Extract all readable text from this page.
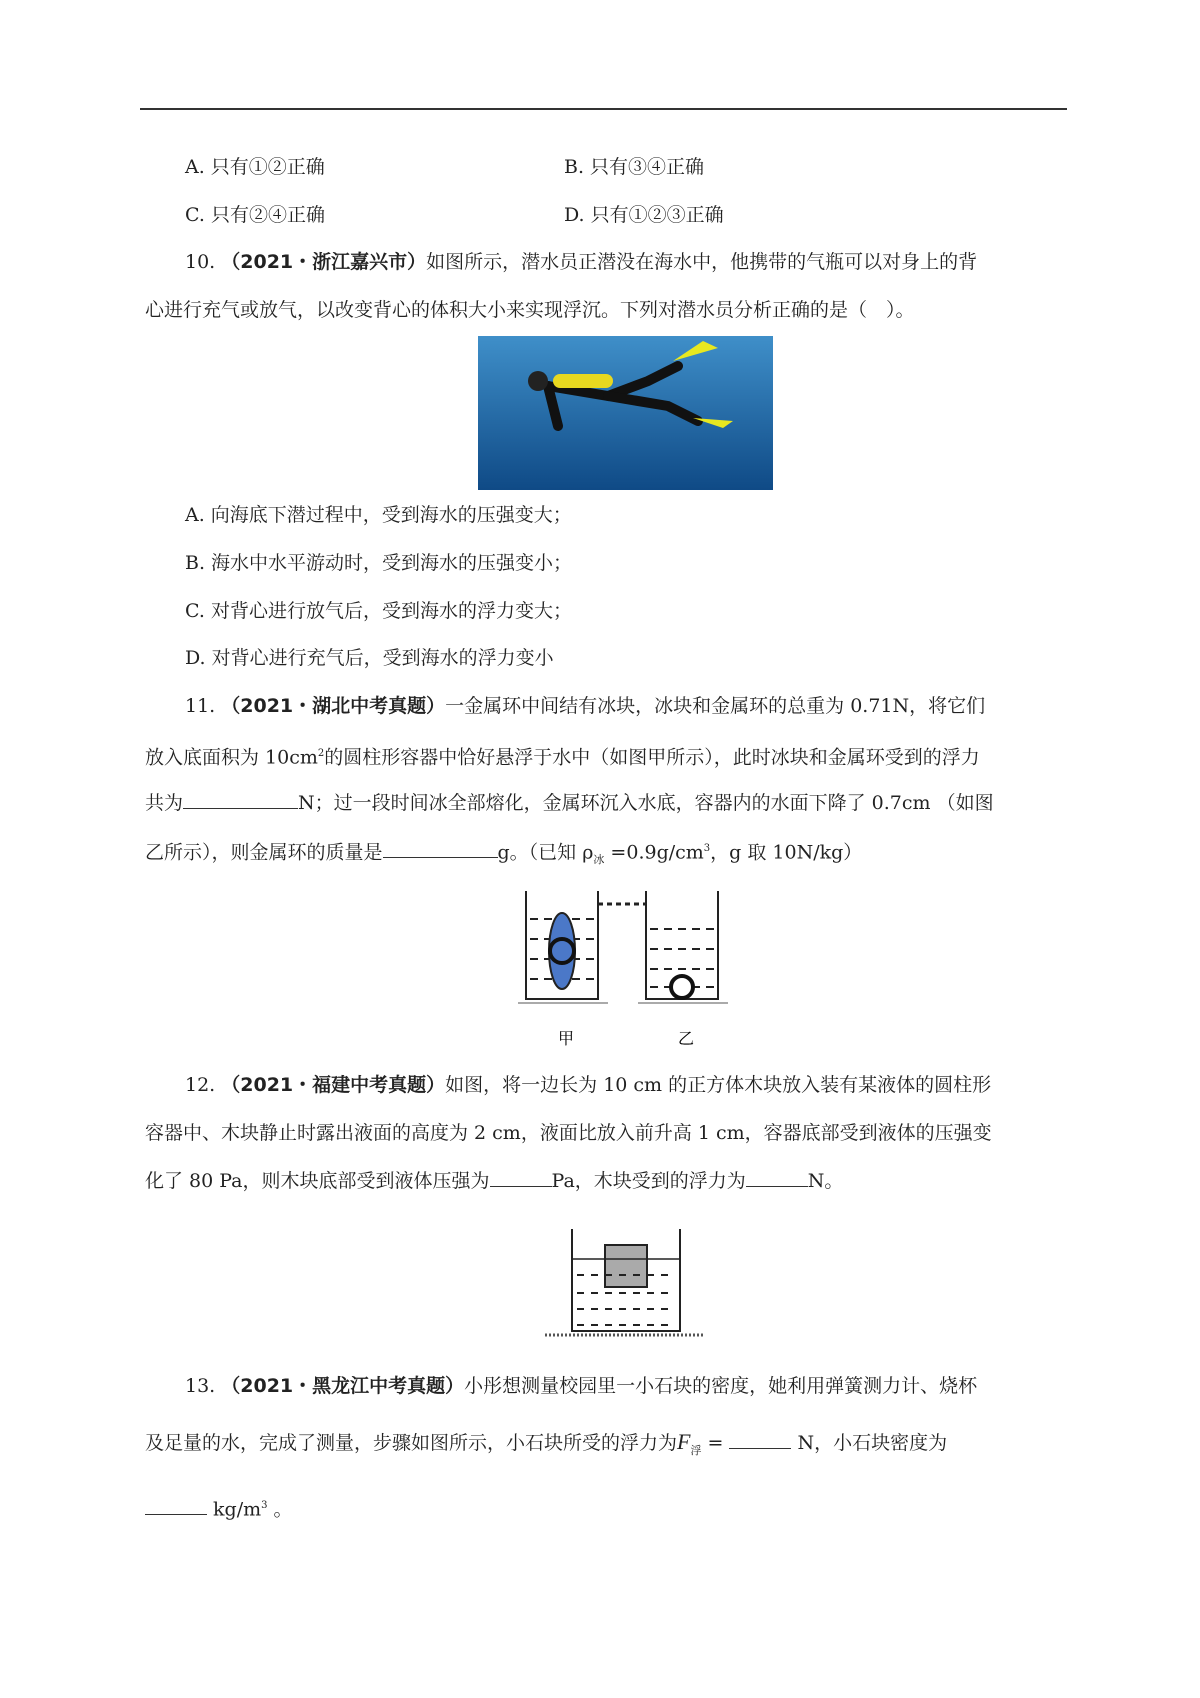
A. 只有①②正确	B. 只有③④正确
C. 只有②④正确	D. 只有①②③正确
10. （2021・浙江嘉兴市）如图所示，潜水员正潜没在海水中，他携带的气瓶可以对身上的背
心进行充气或放气，以改变背心的体积大小来实现浮沉。下列对潜水员分析正确的是（　）。
A. 向海底下潜过程中，受到海水的压强变大；
B. 海水中水平游动时，受到海水的压强变小；
C. 对背心进行放气后，受到海水的浮力变大；
D. 对背心进行充气后，受到海水的浮力变小
11. （2021・湖北中考真题）一金属环中间结有冰块，冰块和金属环的总重为 0.71N，将它们
放入底面积为 $10cm^2$的圆柱形容器中恰好悬浮于水中（如图甲所示），此时冰块和金属环受到的浮力
共为	N；过一段时间冰全部熔化，金属环沉入水底，容器内的水面下降了 0.7cm （如图
乙所示），则金属环的质量是	g。（已知 $\rho_冰 =0.9g/cm^3$，g 取 10N/kg）
甲	乙
12. （2021・福建中考真题）如图，将一边长为 10 cm 的正方体木块放入装有某液体的圆柱形
容器中、木块静止时露出液面的高度为 2 cm，液面比放入前升高 1 cm，容器底部受到液体的压强变
化了 80 Pa，则木块底部受到液体压强为	Pa，木块受到的浮力为	N。
13. （2021・黑龙江中考真题）小彤想测量校园里一小石块的密度，她利用弹簧测力计、烧杯
及足量的水，完成了测量，步骤如图所示，小石块所受的浮力为$F_浮$ =	N，小石块密度为
$kg/m^3$ 。
